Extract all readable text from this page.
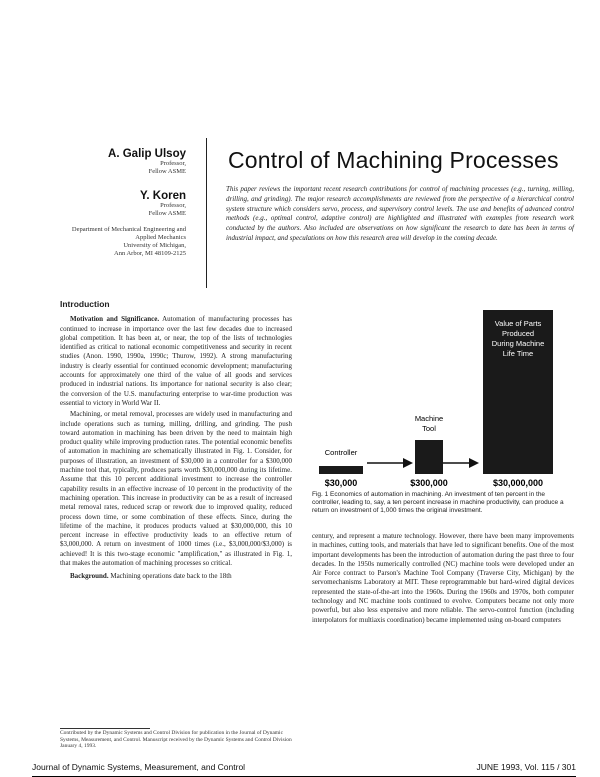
A. Galip Ulsoy
Professor,
Fellow ASME
Y. Koren
Professor,
Fellow ASME
Department of Mechanical Engineering and
Applied Mechanics
University of Michigan,
Ann Arbor, MI 48109-2125
Control of Machining Processes
This paper reviews the important recent research contributions for control of machining processes (e.g., turning, milling, drilling, and grinding). The major research accomplishments are reviewed from the perspective of a hierarchical control system structure which considers servo, process, and supervisory control levels. The use and benefits of advanced control methods (e.g., optimal control, adaptive control) are highlighted and illustrated with examples from research work conducted by the authors. Also included are observations on how significant the research to date has been in terms of industrial impact, and speculations on how this research area will develop in the coming decade.
Introduction

Motivation and Significance. Automation of manufacturing processes has continued to increase in importance over the last few decades due to increased global competition. It has been at, or near, the top of the lists of technologies identified as critical to national economic competitiveness and security in recent studies (Anon. 1990, 1990a, 1990c; Thurow, 1992). A strong manufacturing industry is clearly essential for continued economic development; manufacturing accounts for approximately one third of the value of all goods and services produced in industrial nations. Its importance for national security is also clear; the conversion of the U.S. manufacturing enterprise to war-time production was essential to victory in World War II.

Machining, or metal removal, processes are widely used in manufacturing and include operations such as turning, milling, drilling, and grinding. The push toward automation in machining has been driven by the need to maintain high product quality while improving production rates. The potential economic benefits of automation in machining are schematically illustrated in Fig. 1. Consider, for purposes of illustration, an investment of $30,000 in a controller for a $300,000 machine tool that, typically, produces parts worth $30,000,000 during its lifetime. Assume that this 10 percent additional investment to increase the controller capability results in an effective increase of 10 percent in the productivity of the machining operation. This increase in productivity can be as a result of increased metal removal rates, reduced scrap or rework due to improved quality, reduced process down time, or some combination of these effects. Since, during the lifetime of the machine, it produces products valued at $30,000,000, this 10 percent increase in effective productivity leads to an effective return of $3,000,000. A return on investment of 1000 times (i.e., $3,000,000/$3,000) is achieved! It is this two-stage economic "amplification," as illustrated in Fig. 1, that makes the automation of machining processes so critical.

Background. Machining operations date back to the 18th

Contributed by the Dynamic Systems and Control Division for publication in the Journal of Dynamic Systems, Measurement, and Control. Manuscript received by the Dynamic Systems and Control Division January 4, 1993.
Controller
Machine
Tool
Value of Parts
Produced
During Machine
Life Time
$30,000	$300,000	$30,000,000
Fig. 1 Economics of automation in machining. An investment of ten percent in the controller, leading to, say, a ten percent increase in machine productivity, can produce a return on investment of 1,000 times the original investment.
century, and represent a mature technology. However, there have been many improvements in machines, cutting tools, and materials that have led to significant benefits. One of the most important developments has been the introduction of automation during the past three to four decades. In the 1950s numerically controlled (NC) machine tools were developed under an Air Force contract to Parson's Machine Tool Company (Traverse City, Michigan) by the servomechanisms Laboratory at MIT. These reprogrammable but hard-wired digital devices represented the state-of-the-art into the 1960s. During the 1960s and 1970s, both computer technology and NC machine tools continued to evolve. Computers became not only more powerful, but also less expensive and more reliable. The servo-control function (including interpolators for multiaxis coordination) became implemented using on-board computers
Journal of Dynamic Systems, Measurement, and Control	JUNE 1993, Vol. 115 / 301
